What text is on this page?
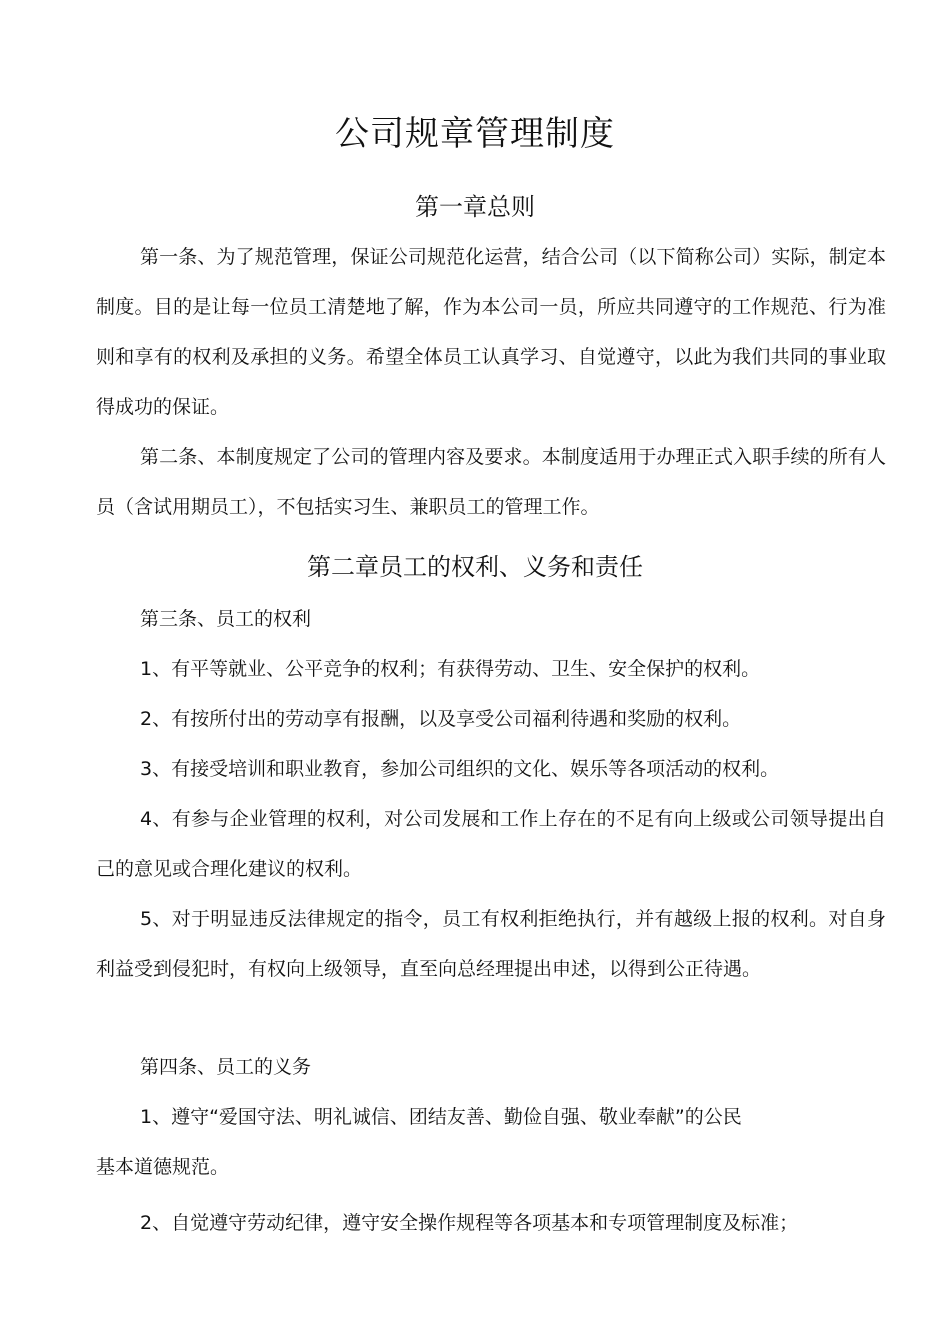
公司规章管理制度
第一章总则
第一条、为了规范管理，保证公司规范化运营，结合公司（以下简称公司）实际，制定本制度。目的是让每一位员工清楚地了解，作为本公司一员，所应共同遵守的工作规范、行为准则和享有的权利及承担的义务。希望全体员工认真学习、自觉遵守，以此为我们共同的事业取得成功的保证。
第二条、本制度规定了公司的管理内容及要求。本制度适用于办理正式入职手续的所有人员（含试用期员工），不包括实习生、兼职员工的管理工作。
第二章员工的权利、义务和责任
第三条、员工的权利
1、有平等就业、公平竞争的权利；有获得劳动、卫生、安全保护的权利。
2、有按所付出的劳动享有报酬，以及享受公司福利待遇和奖励的权利。
3、有接受培训和职业教育，参加公司组织的文化、娱乐等各项活动的权利。
4、有参与企业管理的权利，对公司发展和工作上存在的不足有向上级或公司领导提出自己的意见或合理化建议的权利。
5、对于明显违反法律规定的指令，员工有权利拒绝执行，并有越级上报的权利。对自身利益受到侵犯时，有权向上级领导，直至向总经理提出申述，以得到公正待遇。
第四条、员工的义务
1、遵守“爱国守法、明礼诚信、团结友善、勤俭自强、敬业奉献”的公民
基本道德规范。
2、自觉遵守劳动纪律，遵守安全操作规程等各项基本和专项管理制度及标准；
